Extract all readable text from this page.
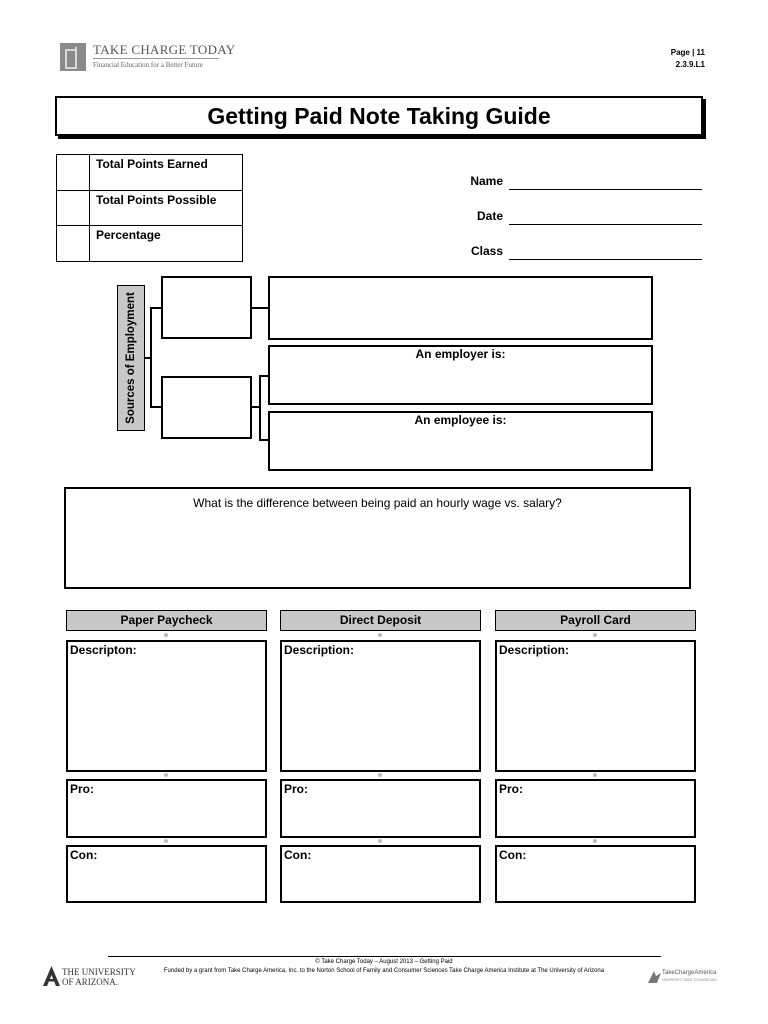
TAKE CHARGE TODAY
Financial Education for a Better Future
Page | 11
2.3.9.L1
Getting Paid Note Taking Guide
	Total Points Earned
	Total Points Possible
	Percentage
Name
Date
Class
Sources of Employment	An employer is:
An employee is:
What is the difference between being paid an hourly wage vs. salary?
Paper Paycheck
Descripton:
Pro:
Con:
Direct Deposit
Description:
Pro:
Con:
Payroll Card
Description:
Pro:
Con:
© Take Charge Today – August 2013 – Getting Paid
Funded by a grant from Take Charge America, Inc. to the Norton School of Family and Consumer Sciences Take Charge America Institute at The University of Arizona
THE UNIVERSITY
OF ARIZONA.
TakeChargeAmerica
NONPROFIT DEBT COUNSELING
